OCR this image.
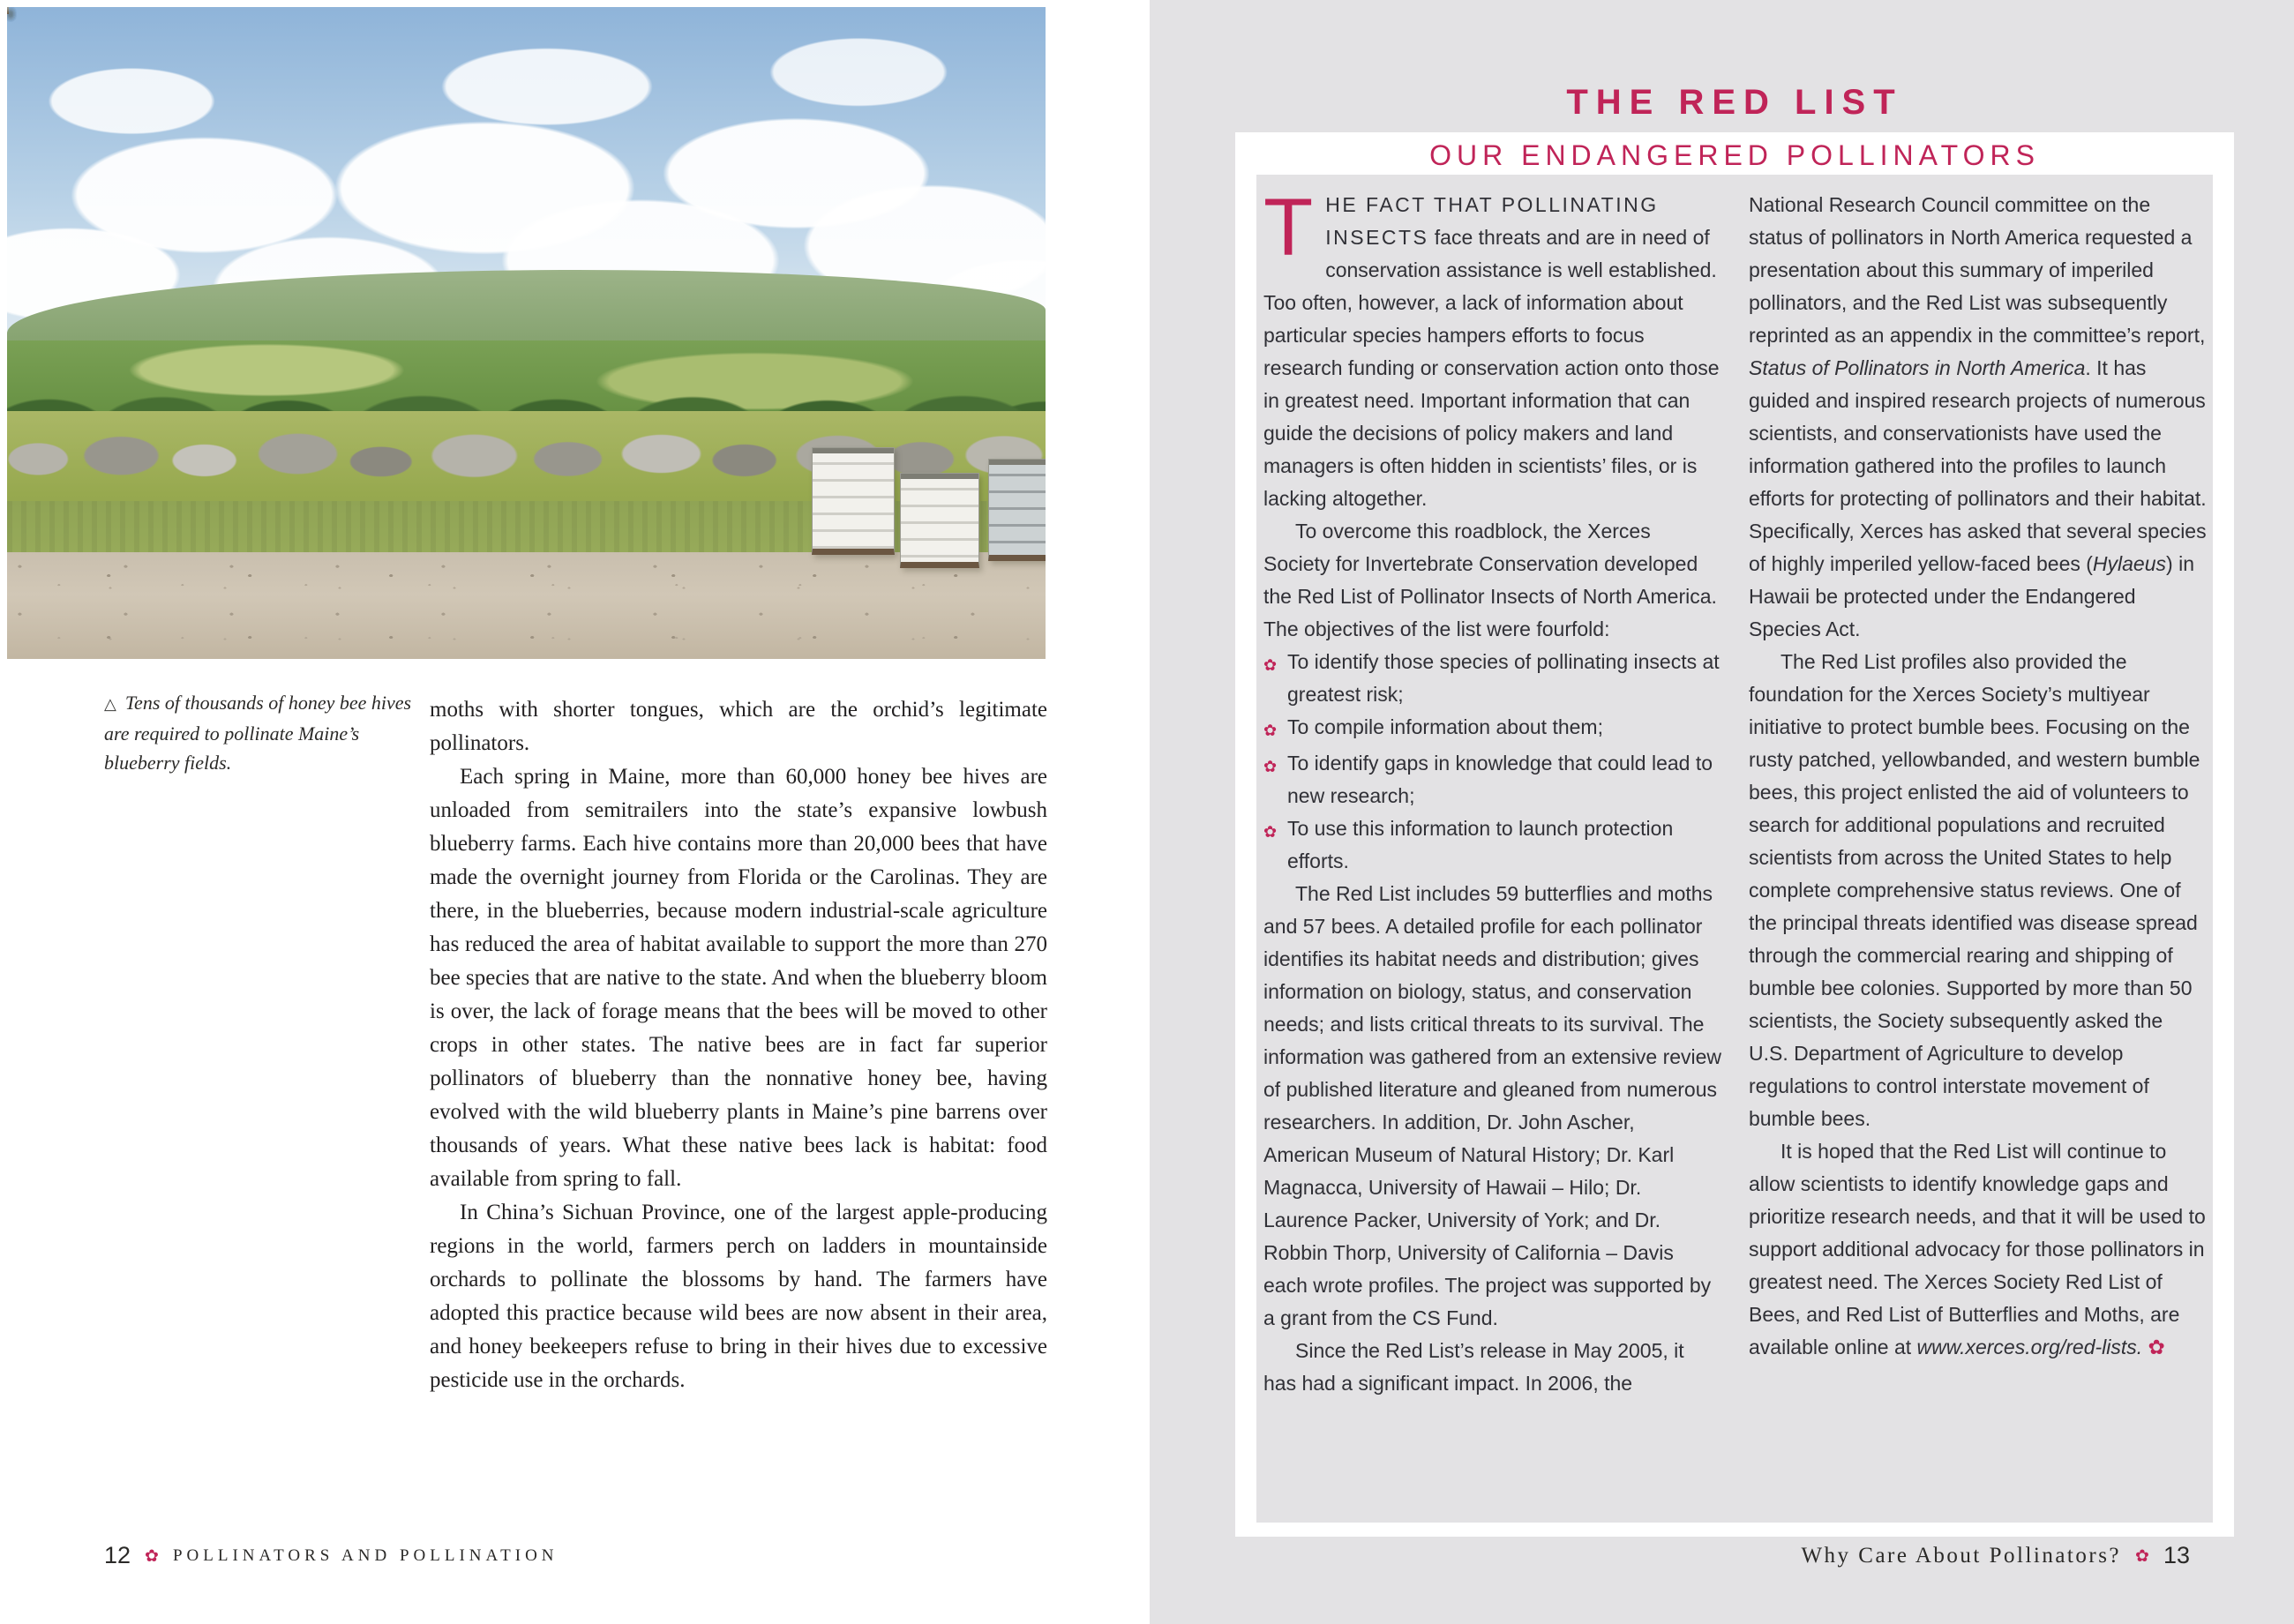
△ Tens of thousands of honey bee hives are required to pollinate Maine’s blueberry fields.

moths with shorter tongues, which are the orchid’s legitimate pollinators.

Each spring in Maine, more than 60,000 honey bee hives are unloaded from semitrailers into the state’s expansive lowbush blueberry farms. Each hive contains more than 20,000 bees that have made the overnight journey from Florida or the Carolinas. They are there, in the blueberries, because modern industrial-scale agriculture has reduced the area of habitat available to support the more than 270 bee species that are native to the state. And when the blueberry bloom is over, the lack of forage means that the bees will be moved to other crops in other states. The native bees are in fact far superior pollinators of blueberry than the nonnative honey bee, having evolved with the wild blueberry plants in Maine’s pine barrens over thousands of years. What these native bees lack is habitat: food available from spring to fall.

In China’s Sichuan Province, one of the largest apple-producing regions in the world, farmers perch on ladders in mountainside orchards to pollinate the blossoms by hand. The farmers have adopted this practice because wild bees are now absent in their area, and honey beekeepers refuse to bring in their hives due to excessive pesticide use in the orchards.

12 ✿ POLLINATORS AND POLLINATION
THE RED LIST
OUR ENDANGERED POLLINATORS

THE FACT THAT POLLINATING INSECTS face threats and are in need of conservation assistance is well established. Too often, however, a lack of information about particular species hampers efforts to focus research funding or conservation action onto those in greatest need. Important information that can guide the decisions of policy makers and land managers is often hidden in scientists’ files, or is lacking altogether.

To overcome this roadblock, the Xerces Society for Invertebrate Conservation developed the Red List of Pollinator Insects of North America. The objectives of the list were fourfold:

✿ To identify those species of pollinating insects at greatest risk;
✿ To compile information about them;
✿ To identify gaps in knowledge that could lead to new research;
✿ To use this information to launch protection efforts.

The Red List includes 59 butterflies and moths and 57 bees. A detailed profile for each pollinator identifies its habitat needs and distribution; gives information on biology, status, and conservation needs; and lists critical threats to its survival. The information was gathered from an extensive review of published literature and gleaned from numerous researchers. In addition, Dr. John Ascher, American Museum of Natural History; Dr. Karl Magnacca, University of Hawaii – Hilo; Dr. Laurence Packer, University of York; and Dr. Robbin Thorp, University of California – Davis each wrote profiles. The project was supported by a grant from the CS Fund.

Since the Red List’s release in May 2005, it has had a significant impact. In 2006, the

National Research Council committee on the status of pollinators in North America requested a presentation about this summary of imperiled pollinators, and the Red List was subsequently reprinted as an appendix in the committee’s report, Status of Pollinators in North America. It has guided and inspired research projects of numerous scientists, and conservationists have used the information gathered into the profiles to launch efforts for protecting of pollinators and their habitat. Specifically, Xerces has asked that several species of highly imperiled yellow-faced bees (Hylaeus) in Hawaii be protected under the Endangered Species Act.

The Red List profiles also provided the foundation for the Xerces Society’s multiyear initiative to protect bumble bees. Focusing on the rusty patched, yellowbanded, and western bumble bees, this project enlisted the aid of volunteers to search for additional populations and recruited scientists from across the United States to help complete comprehensive status reviews. One of the principal threats identified was disease spread through the commercial rearing and shipping of bumble bee colonies. Supported by more than 50 scientists, the Society subsequently asked the U.S. Department of Agriculture to develop regulations to control interstate movement of bumble bees.

It is hoped that the Red List will continue to allow scientists to identify knowledge gaps and prioritize research needs, and that it will be used to support additional advocacy for those pollinators in greatest need. The Xerces Society Red List of Bees, and Red List of Butterflies and Moths, are available online at www.xerces.org/red-lists. ✿

Why Care About Pollinators? ✿ 13
